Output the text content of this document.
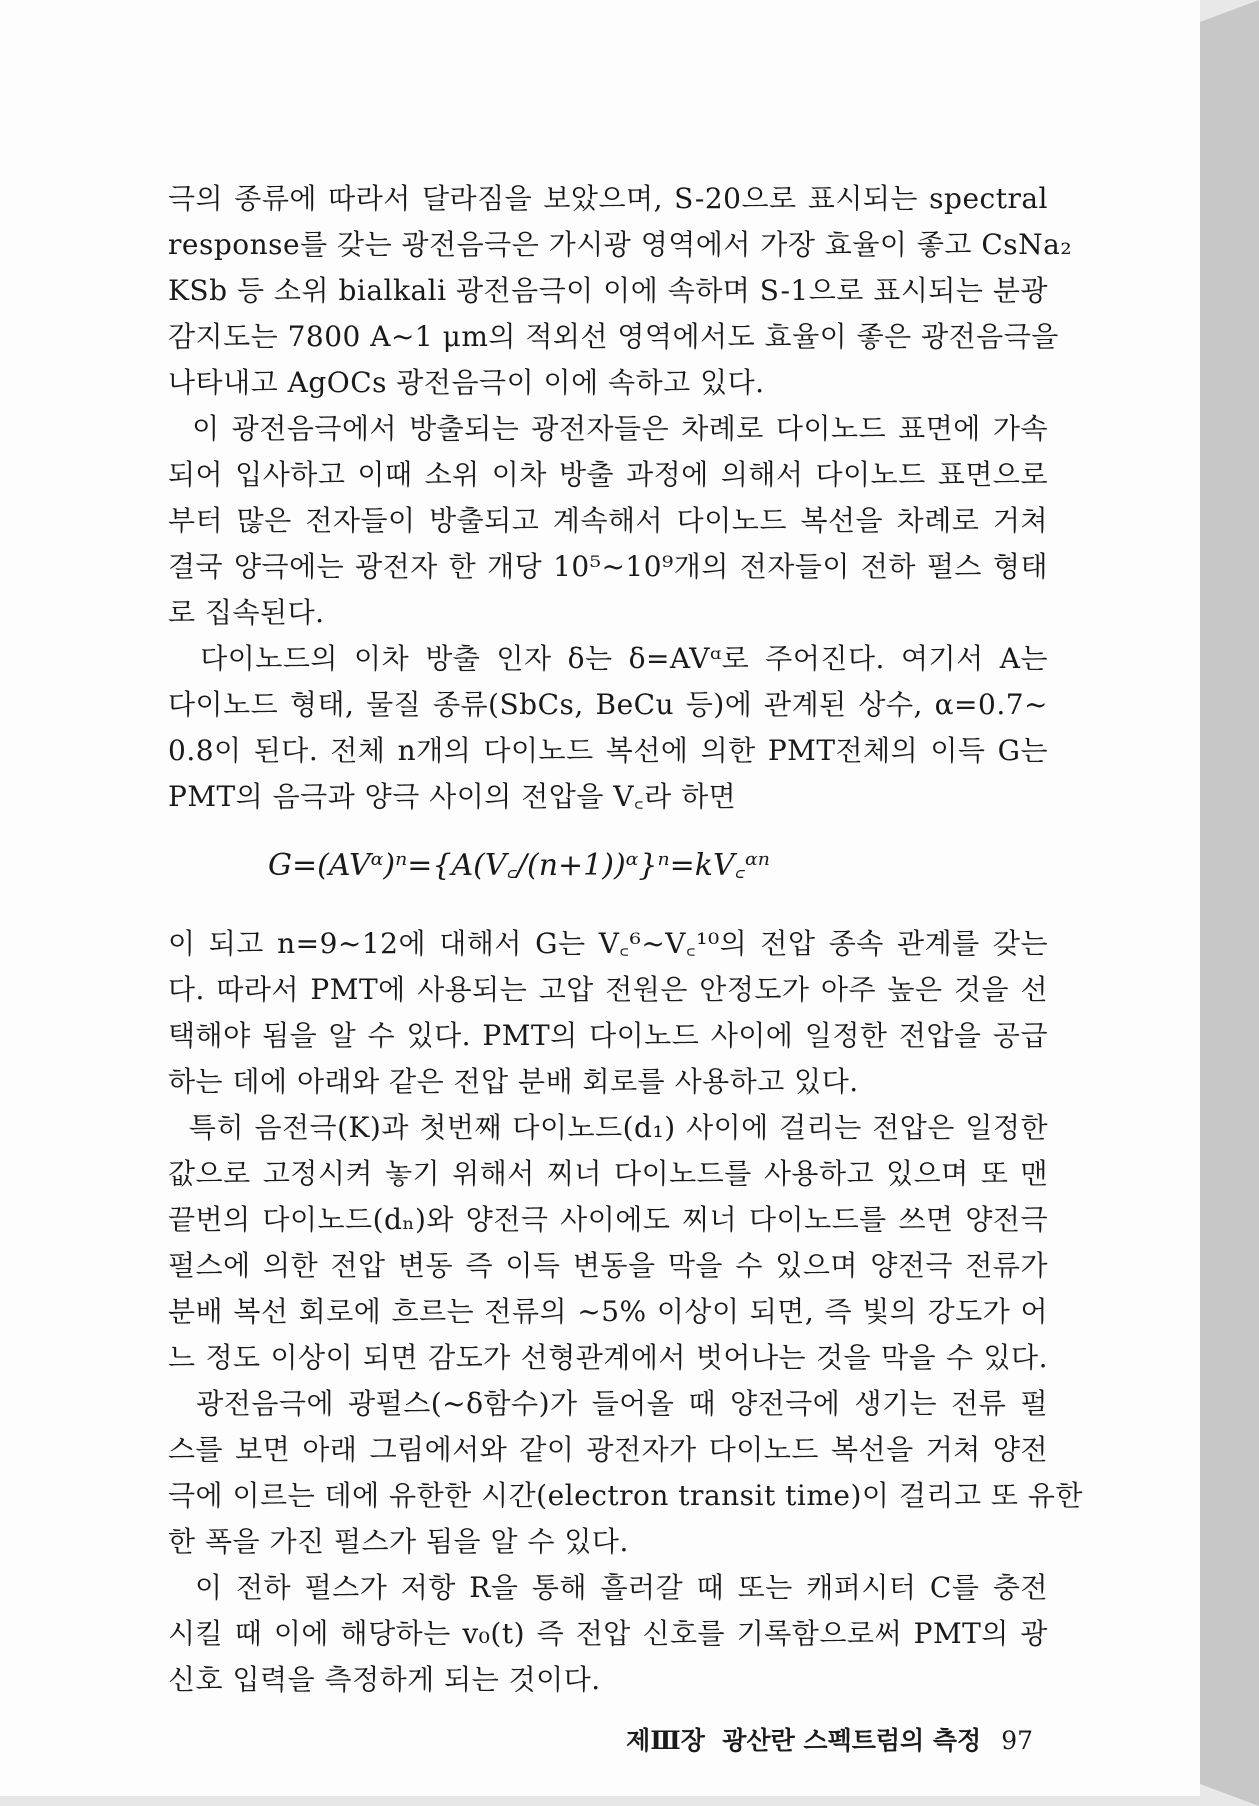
극의 종류에 따라서 달라짐을 보았으며, S-20으로 표시되는 spectral
response를 갖는 광전음극은 가시광 영역에서 가장 효율이 좋고 CsNa₂
KSb 등 소위 bialkali 광전음극이 이에 속하며 S-1으로 표시되는 분광
감지도는 7800 A~1 μm의 적외선 영역에서도 효율이 좋은 광전음극을
나타내고 AgOCs 광전음극이 이에 속하고 있다.
이 광전음극에서 방출되는 광전자들은 차례로 다이노드 표면에 가속
되어 입사하고 이때 소위 이차 방출 과정에 의해서 다이노드 표면으로
부터 많은 전자들이 방출되고 계속해서 다이노드 복선을 차례로 거쳐
결국 양극에는 광전자 한 개당 10⁵~10⁹개의 전자들이 전하 펄스 형태
로 집속된다.
다이노드의 이차 방출 인자 δ는 δ=AVᵅ로 주어진다. 여기서 A는
다이노드 형태, 물질 종류(SbCs, BeCu 등)에 관계된 상수, α=0.7~
0.8이 된다. 전체 n개의 다이노드 복선에 의한 PMT전체의 이득 G는
PMT의 음극과 양극 사이의 전압을 V꜀라 하면
G=(AVᵅ)ⁿ={A(V꜀/(n+1))ᵅ}ⁿ=kV꜀ᵅⁿ
이 되고 n=9~12에 대해서 G는 V꜀⁶~V꜀¹⁰의 전압 종속 관계를 갖는
다. 따라서 PMT에 사용되는 고압 전원은 안정도가 아주 높은 것을 선
택해야 됨을 알 수 있다. PMT의 다이노드 사이에 일정한 전압을 공급
하는 데에 아래와 같은 전압 분배 회로를 사용하고 있다.
특히 음전극(K)과 첫번째 다이노드(d₁) 사이에 걸리는 전압은 일정한
값으로 고정시켜 놓기 위해서 찌너 다이노드를 사용하고 있으며 또 맨
끝번의 다이노드(dₙ)와 양전극 사이에도 찌너 다이노드를 쓰면 양전극
펄스에 의한 전압 변동 즉 이득 변동을 막을 수 있으며 양전극 전류가
분배 복선 회로에 흐르는 전류의 ~5% 이상이 되면, 즉 빛의 강도가 어
느 정도 이상이 되면 감도가 선형관계에서 벗어나는 것을 막을 수 있다.
광전음극에 광펄스(~δ함수)가 들어올 때 양전극에 생기는 전류 펄
스를 보면 아래 그림에서와 같이 광전자가 다이노드 복선을 거쳐 양전
극에 이르는 데에 유한한 시간(electron transit time)이 걸리고 또 유한
한 폭을 가진 펄스가 됨을 알 수 있다.
이 전하 펄스가 저항 R을 통해 흘러갈 때 또는 캐퍼시터 C를 충전
시킬 때 이에 해당하는 v₀(t) 즉 전압 신호를 기록함으로써 PMT의 광
신호 입력을 측정하게 되는 것이다.
제Ⅲ장  광산란 스펙트럼의 측정 97
